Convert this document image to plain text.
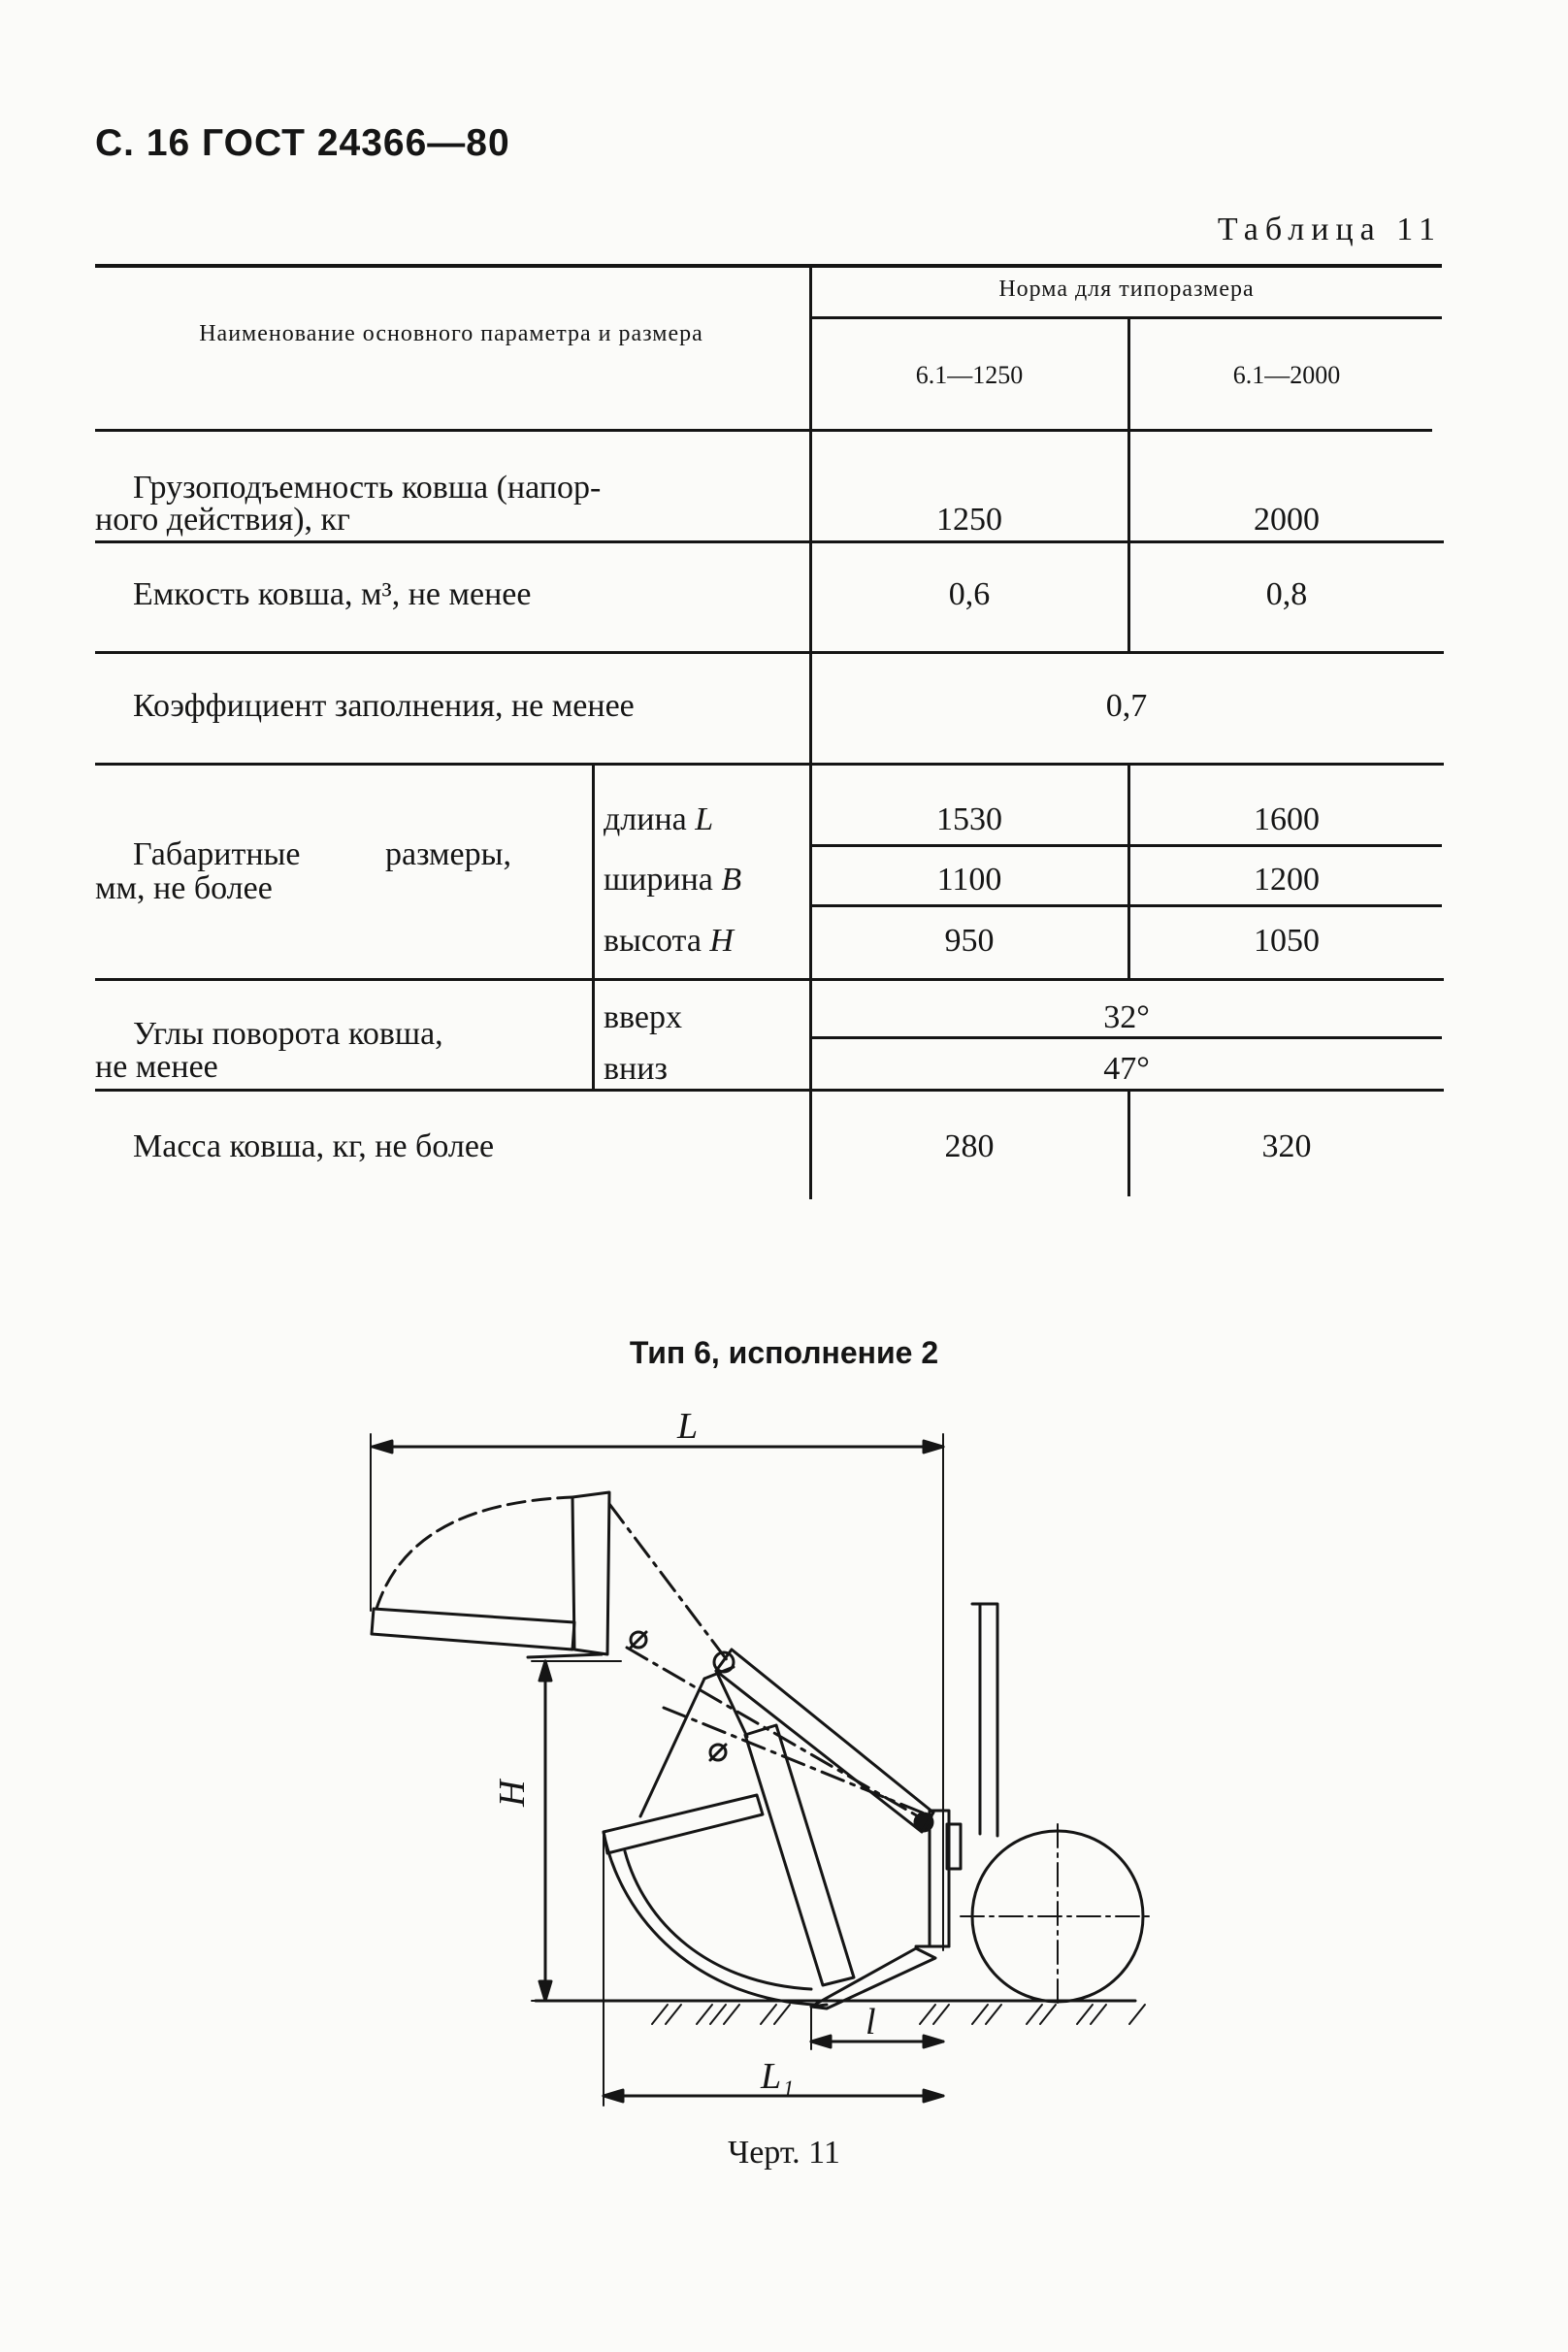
С. 16 ГОСТ 24366—80
Таблица 11
Наименование основного параметра и размера
Норма для типоразмера
6.1—1250	6.1—2000
Грузоподъемность ковша (напор-
ного действия), кг	1250	2000
Емкость ковша, м³, не менее	0,6	0,8
Коэффициент заполнения, не менее	0,7
Габаритные размеры,
мм, не более
длина L	1530	1600
ширина B	1100	1200
высота H	950	1050
Углы поворота ковша,
не менее
вверх	32°
вниз	47°
Масса ковша, кг, не более	280	320
Тип 6, исполнение 2
L
H
l
L₁
Черт. 11
